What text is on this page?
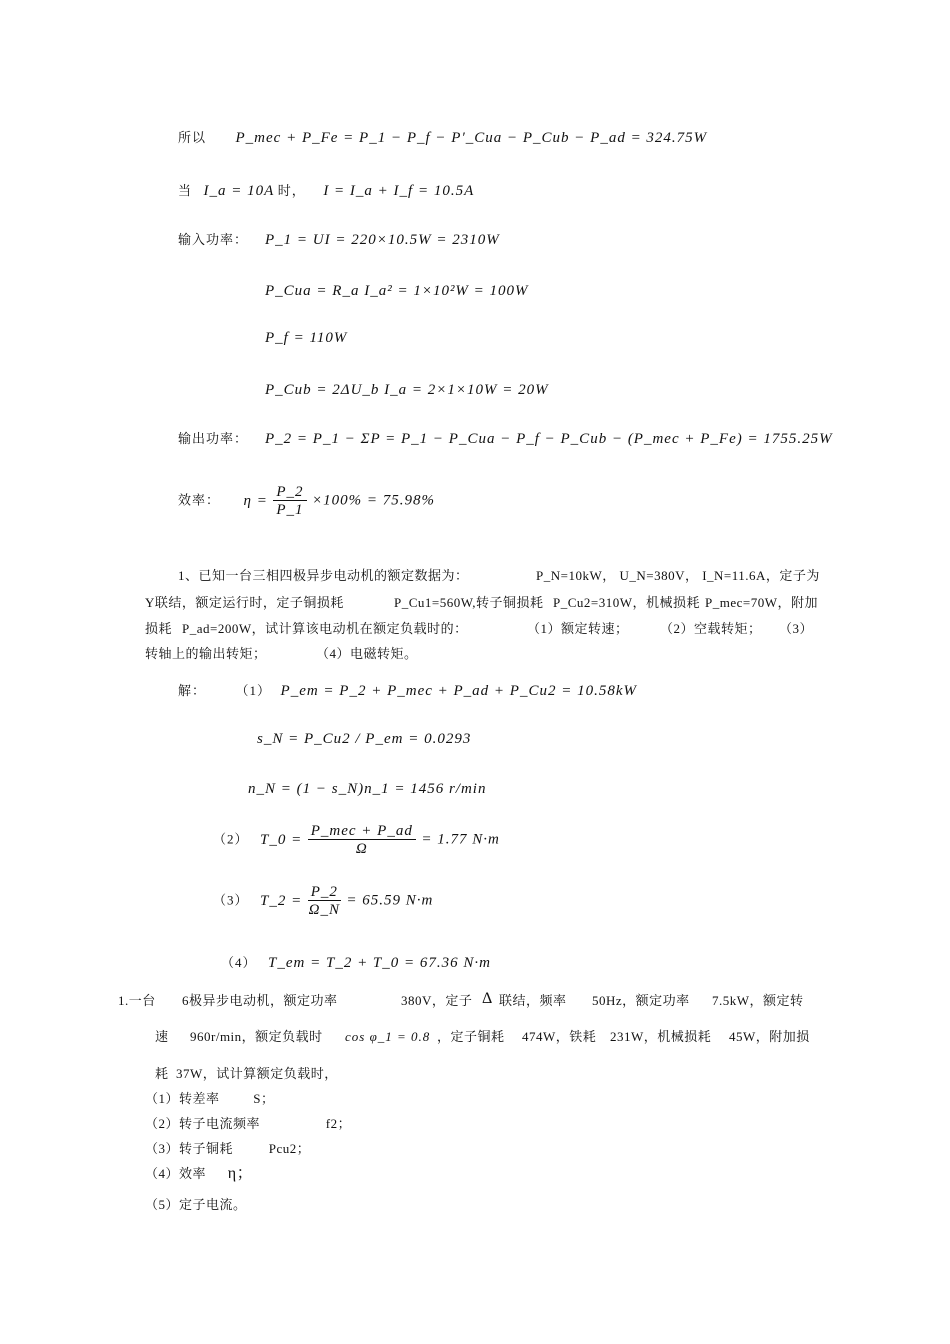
所以 P_mec + P_Fe = P_1 − P_f − P′_Cua − P_Cub − P_ad = 324.75W
当 I_a = 10A 时， I = I_a + I_f = 10.5A
输入功率： P_1 = UI = 220×10.5W = 2310W
P_Cua = R_a I_a² = 1×10²W = 100W
P_f = 110W
P_Cub = 2ΔU_b I_a = 2×1×10W = 20W
输出功率： P_2 = P_1 − ΣP = P_1 − P_Cua − P_f − P_Cub − (P_mec + P_Fe) = 1755.25W
效率： $\eta = \frac{P\_2}{P\_1} \times 100\% = 75.98\%$
1、已知一台三相四极异步电动机的额定数据为：	P_N=10kW， U_N=380V， I_N=11.6A，定子为
Y联结，额定运行时，定子铜损耗	P_Cu1=560W,转子铜损耗 P_Cu2=310W，机械损耗 P_mec=70W，附加
损耗 P_ad=200W，试计算该电动机在额定负载时的：	（1）额定转速； （2）空载转矩； （3）
转轴上的输出转矩；	（4）电磁转矩。
解： （1） P_em = P_2 + P_mec + P_ad + P_Cu2 = 10.58kW
s_N = P_Cu2 / P_em = 0.0293
n_N = (1 − s_N)n_1 = 1456 r/min
（2） T_0 = $\frac{\text{P\_mec + P\_ad}}{\Omega} = 1.77$ N·m
（3） T_2 = $\frac{P\_2}{\Omega\_N} = 65.59$ N·m
（4） T_em = T_2 + T_0 = 67.36 N·m
1.一台 6极异步电动机，额定功率	380V，定子 Δ 联结，频率 50Hz，额定功率 7.5kW，额定转
速 960r/min，额定负载时 cos φ_1 = 0.8 ，定子铜耗 474W，铁耗 231W，机械损耗 45W，附加损
耗 37W，试计算额定负载时，
（1）转差率	S；
（2）转子电流频率	f2；
（3）转子铜耗	Pcu2；
（4）效率 η；
（5）定子电流。
